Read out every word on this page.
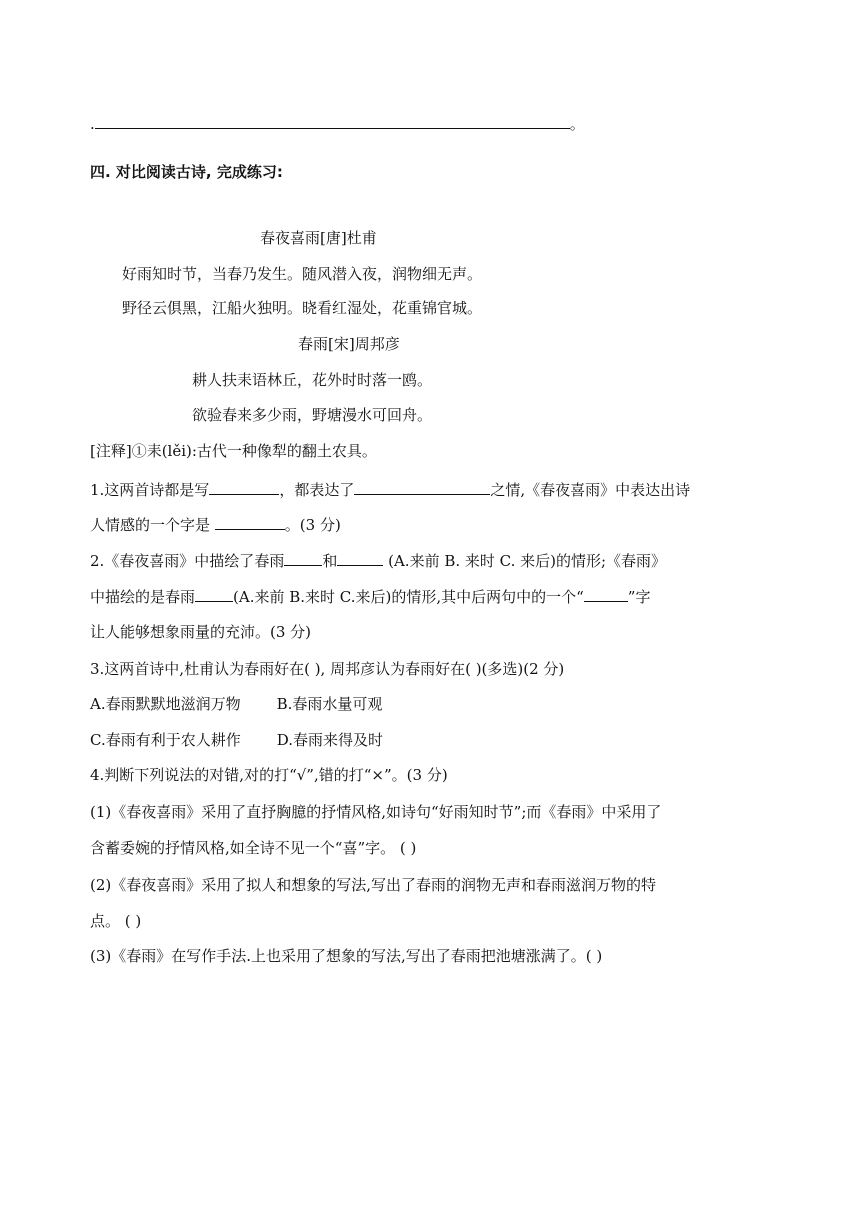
.	。
四. 对比阅读古诗, 完成练习:
春夜喜雨[唐]杜甫
好雨知时节，当春乃发生。随风潜入夜，润物细无声。
野径云俱黑，江船火独明。晓看红湿处，花重锦官城。
春雨[宋]周邦彦
耕人扶耒语林丘，花外时时落一鸥。
欲验春来多少雨，野塘漫水可回舟。
[注释]①耒(lěi):古代一种像犁的翻土农具。
1.这两首诗都是写	，都表达了	之情,《春夜喜雨》中表达出诗
人情感的一个字是	。(3 分)
2.《春夜喜雨》中描绘了春雨	和	(A.来前 B. 来时 C. 来后)的情形;《春雨》
中描绘的是春雨	(A.来前 B.来时 C.来后)的情形,其中后两句中的一个“	”字
让人能够想象雨量的充沛。(3 分)
3.这两首诗中,杜甫认为春雨好在( ), 周邦彦认为春雨好在( )(多选)(2 分)
A.春雨默默地滋润万物 B.春雨水量可观
C.春雨有利于农人耕作 D.春雨来得及时
4.判断下列说法的对错,对的打“√”,错的打“×”。(3 分)
(1)《春夜喜雨》采用了直抒胸臆的抒情风格,如诗句“好雨知时节”;而《春雨》中采用了
含蓄委婉的抒情风格,如全诗不见一个“喜”字。 ( )
(2)《春夜喜雨》采用了拟人和想象的写法,写出了春雨的润物无声和春雨滋润万物的特
点。 ( )
(3)《春雨》在写作手法.上也采用了想象的写法,写出了春雨把池塘涨满了。( )
